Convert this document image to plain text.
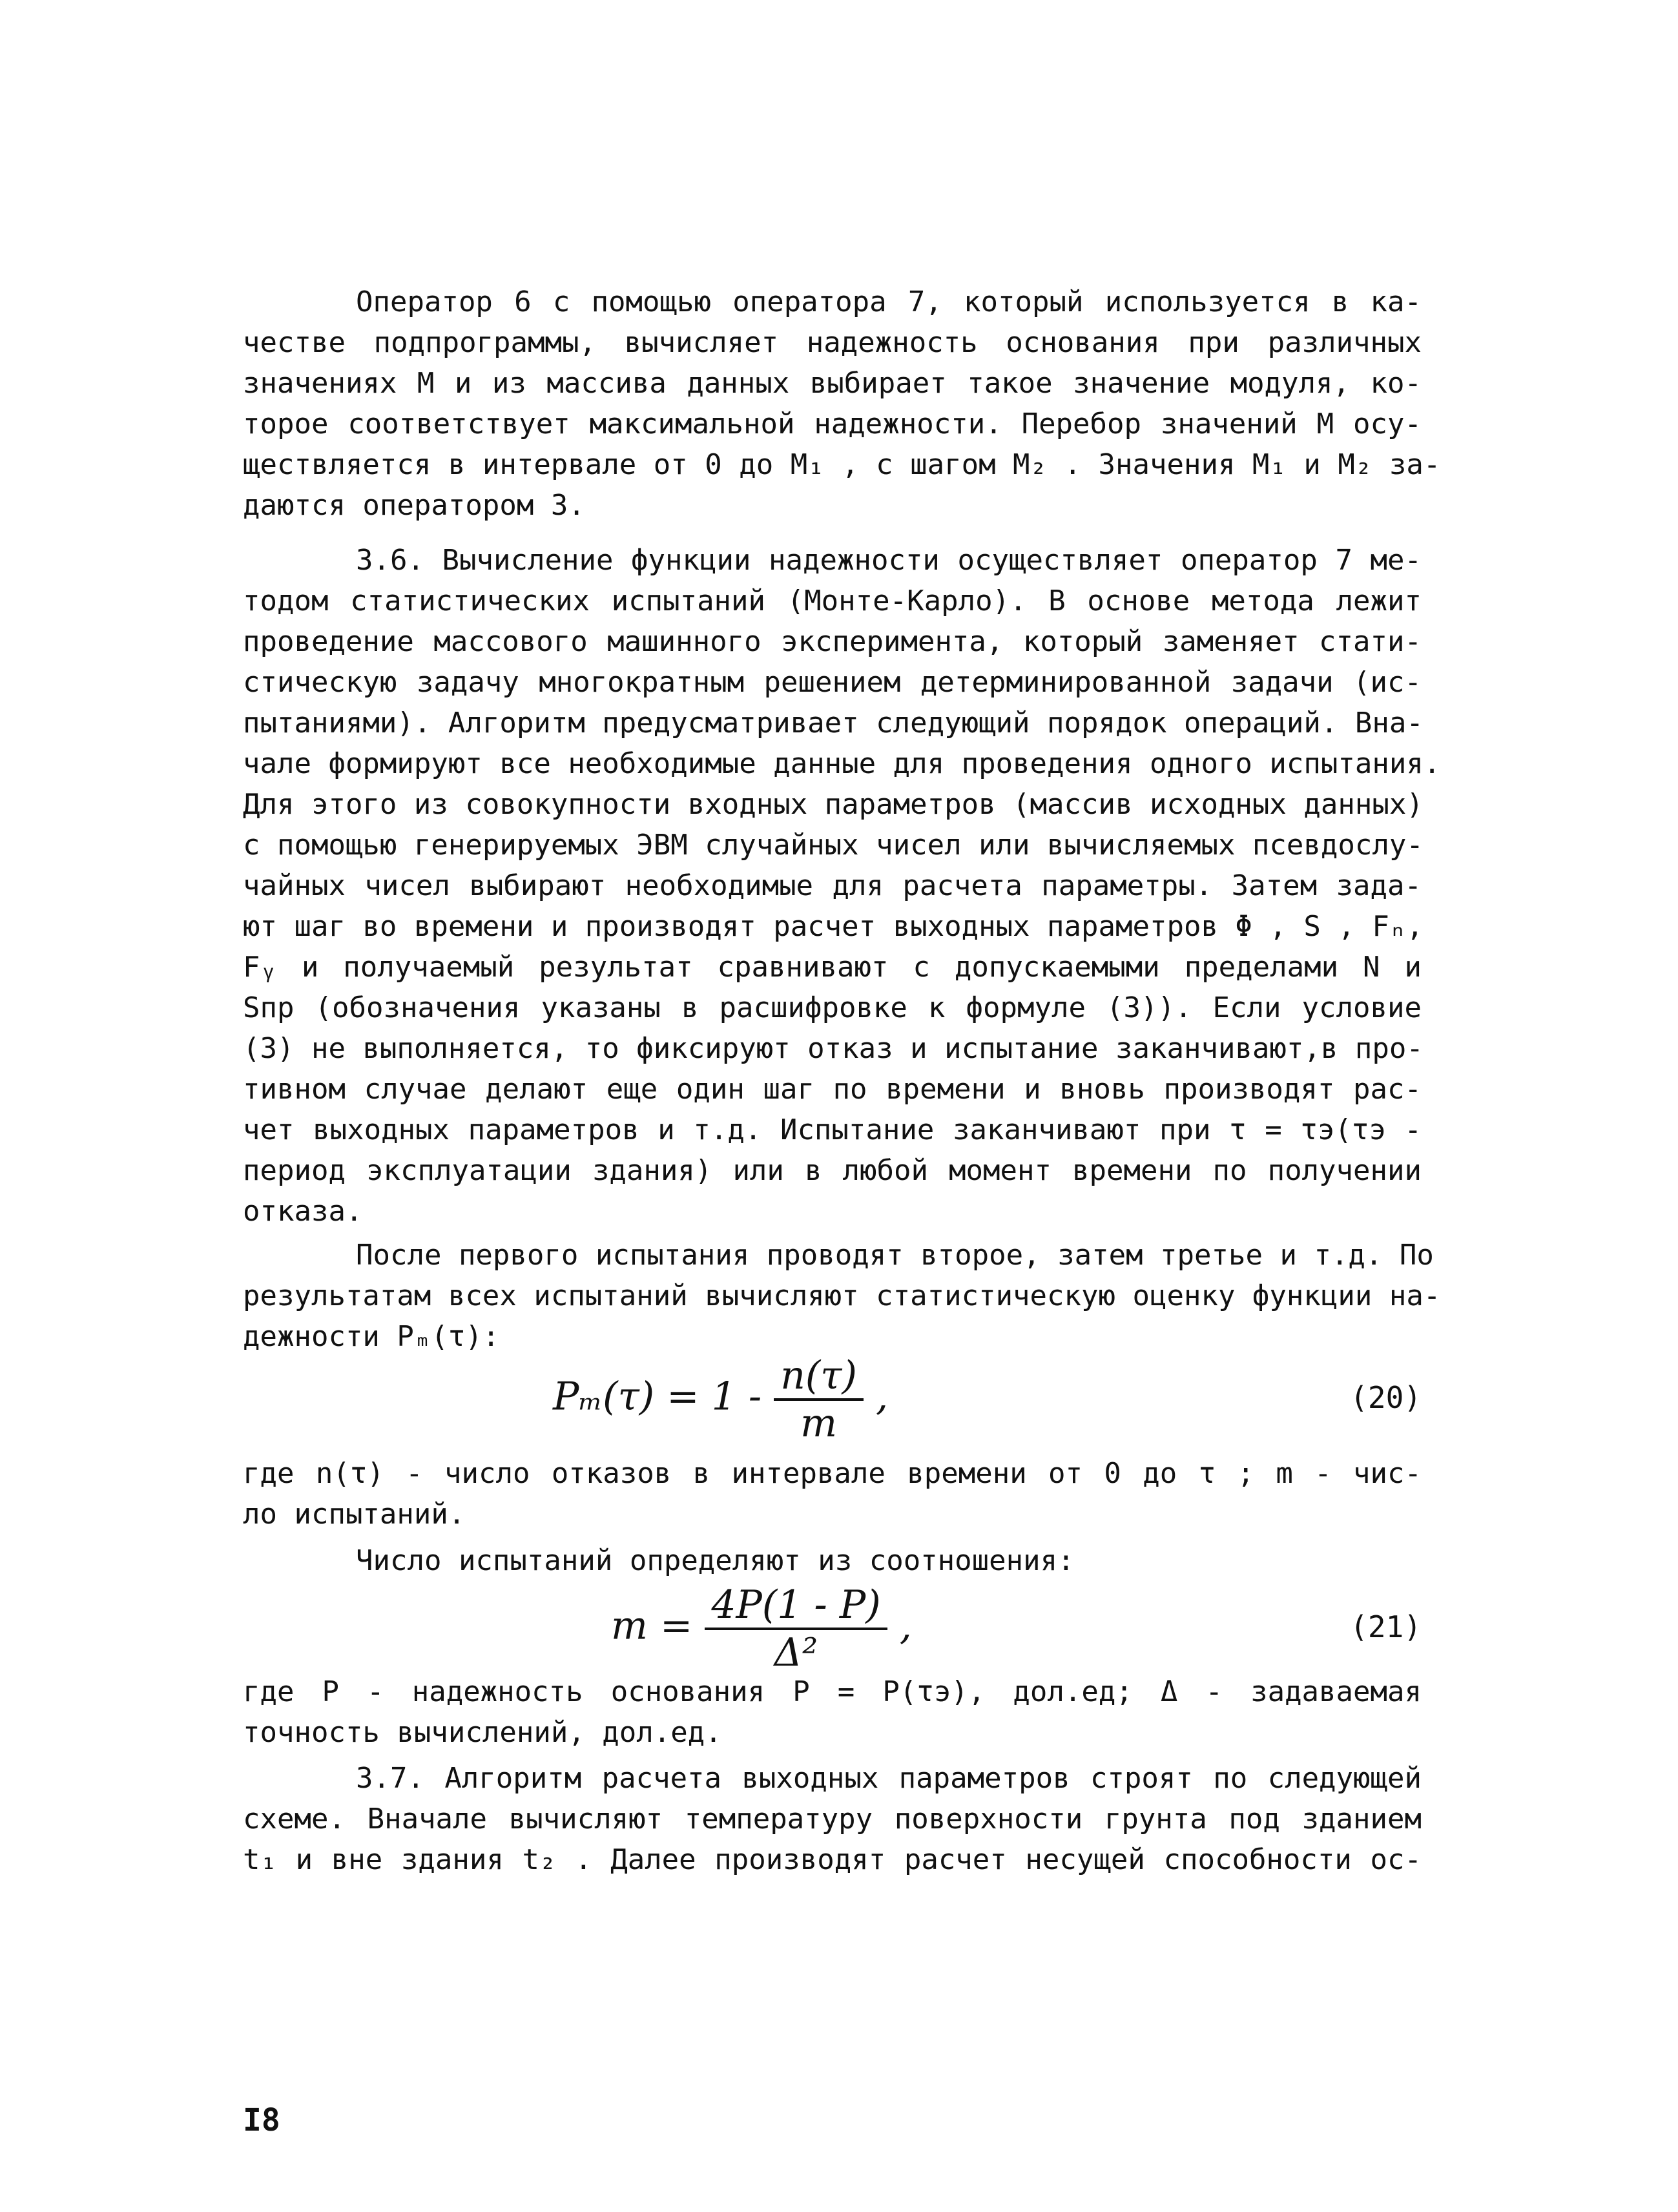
Оператор 6 с помощью оператора 7, который используется в ка-
честве подпрограммы, вычисляет надежность основания при различных
значениях M и из массива данных выбирает такое значение модуля, ко-
торое соответствует максимальной надежности. Перебор значений M осу-
ществляется в интервале от 0 до M₁ , с шагом M₂ . Значения M₁ и M₂ за-
даются оператором 3.
3.6. Вычисление функции надежности осуществляет оператор 7 ме-
тодом статистических испытаний (Монте-Карло). В основе метода лежит
проведение массового машинного эксперимента, который заменяет стати-
стическую задачу многократным решением детерминированной задачи (ис-
пытаниями). Алгоритм предусматривает следующий порядок операций. Вна-
чале формируют все необходимые данные для проведения одного испытания.
Для этого из совокупности входных параметров (массив исходных данных)
с помощью генерируемых ЭВМ случайных чисел или вычисляемых псевдослу-
чайных чисел выбирают необходимые для расчета параметры. Затем зада-
ют шаг во времени и производят расчет выходных параметров Φ , S , Fₙ,
Fᵧ и получаемый результат сравнивают с допускаемыми пределами N и
Sпр (обозначения указаны в расшифровке к формуле (3)). Если условие
(3) не выполняется, то фиксируют отказ и испытание заканчивают,в про-
тивном случае делают еще один шаг по времени и вновь производят рас-
чет выходных параметров и т.д. Испытание заканчивают при τ = τэ(τэ -
период эксплуатации здания) или в любой момент времени по получении
отказа.
После первого испытания проводят второе, затем третье и т.д. По
результатам всех испытаний вычисляют статистическую оценку функции на-
дежности Pₘ(τ):
$P_m(\tau) = 1 - \frac{n(\tau)}{m}$ ,	(20)
где n(τ) - число отказов в интервале времени от 0 до τ ; m - чис-
ло испытаний.
Число испытаний определяют из соотношения:
$m = \frac{4P(1 - P)}{\text{Δ²}}$ ,	(21)
где P - надежность основания P = P(τэ), дол.ед; Δ - задаваемая
точность вычислений, дол.ед.
3.7. Алгоритм расчета выходных параметров строят по следующей
схеме. Вначале вычисляют температуру поверхности грунта под зданием
t₁ и вне здания t₂ . Далее производят расчет несущей способности ос-
I8
